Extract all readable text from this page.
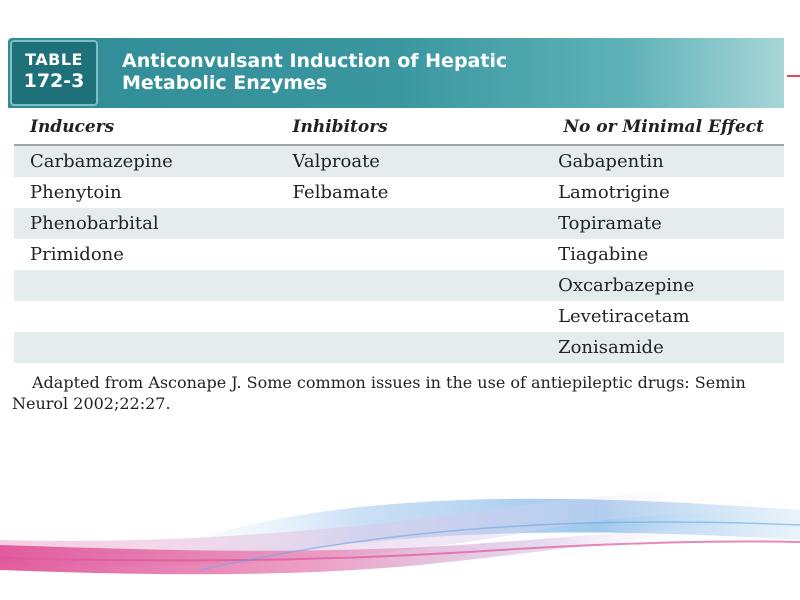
TABLE
172-3
Anticonvulsant Induction of Hepatic
Metabolic Enzymes
Inducers	Inhibitors	No or Minimal Effect
Carbamazepine	Valproate	Gabapentin
Phenytoin	Felbamate	Lamotrigine
Phenobarbital		Topiramate
Primidone		Tiagabine
		Oxcarbazepine
		Levetiracetam
		Zonisamide
Adapted from Asconape J. Some common issues in the use of antiepileptic drugs: Semin Neurol 2002;22:27.
